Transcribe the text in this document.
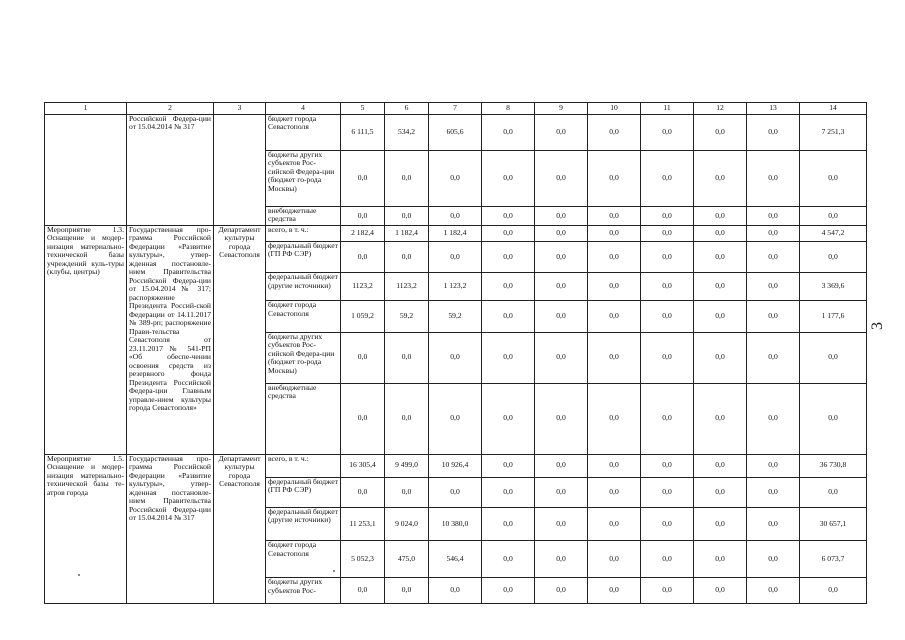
1	2	3	4	5	6	7	8	9	10	11	12	13	14
	Российской Федера-ции от 15.04.2014 № 317		бюджет города Севастополя	6 111,5	534,2	605,6	0,0	0,0	0,0	0,0	0,0	0,0	7 251,3
			бюджеты других субъектов Рос-сийской Федера-ции (бюджет го-рода Москвы)	0,0	0,0	0,0	0,0	0,0	0,0	0,0	0,0	0,0	0,0
			внебюджетные средства	0,0	0,0	0,0	0,0	0,0	0,0	0,0	0,0	0,0	0,0
Мероприятие 1.3. Оснащение и модер-низация материально-технической базы учреждений куль-туры (клубы, центры)	Государственная про-грамма Российской Федерации «Развитие культуры», утвер-жденная постановле-нием Правительства Российской Федера-ции от 15.04.2014 № 317; распоряжение Президента Россий-ской Федерации от 14.11.2017 № 389-рп; распоряжение Прави-тельства Севастополя от 23.11.2017 № 541-РП «Об обеспе-чении освоения средств из резервного фонда Президента Российской Федера-ции Главным управле-нием культуры города Севастополя»	Департамент культуры города Севастополя	всего, в т. ч.:	2 182,4	1 182,4	1 182,4	0,0	0,0	0,0	0,0	0,0	0,0	4 547,2
			федеральный бюджет (ГП РФ СЭР)	0,0	0,0	0,0	0,0	0,0	0,0	0,0	0,0	0,0	0,0
			федеральный бюджет (другие источники)	1123,2	1123,2	1 123,2	0,0	0,0	0,0	0,0	0,0	0,0	3 369,6
			бюджет города Севастополя	1 059,2	59,2	59,2	0,0	0,0	0,0	0,0	0,0	0,0	1 177,6
			бюджеты других субъектов Рос-сийской Федера-ции (бюджет го-рода Москвы)	0,0	0,0	0,0	0,0	0,0	0,0	0,0	0,0	0,0	0,0
			внебюджетные средства	0,0	0,0	0,0	0,0	0,0	0,0	0,0	0,0	0,0	0,0
Мероприятие 1.5. Оснащение и модер-низация материально-технической базы те-атров города	Государственная про-грамма Российской Федерации «Развитие культуры», утвер-жденная постановле-нием Правительства Российской Федера-ции от 15.04.2014 № 317	Департамент культуры города Севастополя	всего, в т. ч.:	16 305,4	9 499,0	10 926,4	0,0	0,0	0,0	0,0	0,0	0,0	36 730,8
			федеральный бюджет (ГП РФ СЭР)	0,0	0,0	0,0	0,0	0,0	0,0	0,0	0,0	0,0	0,0
			федеральный бюджет (другие источники)	11 253,1	9 024,0	10 380,0	0,0	0,0	0,0	0,0	0,0	0,0	30 657,1
			бюджет города Севастополя	5 052,3	475,0	546,4	0,0	0,0	0,0	0,0	0,0	0,0	6 073,7
			бюджеты других субъектов Рос-	0,0	0,0	0,0	0,0	0,0	0,0	0,0	0,0	0,0	0,0
3
